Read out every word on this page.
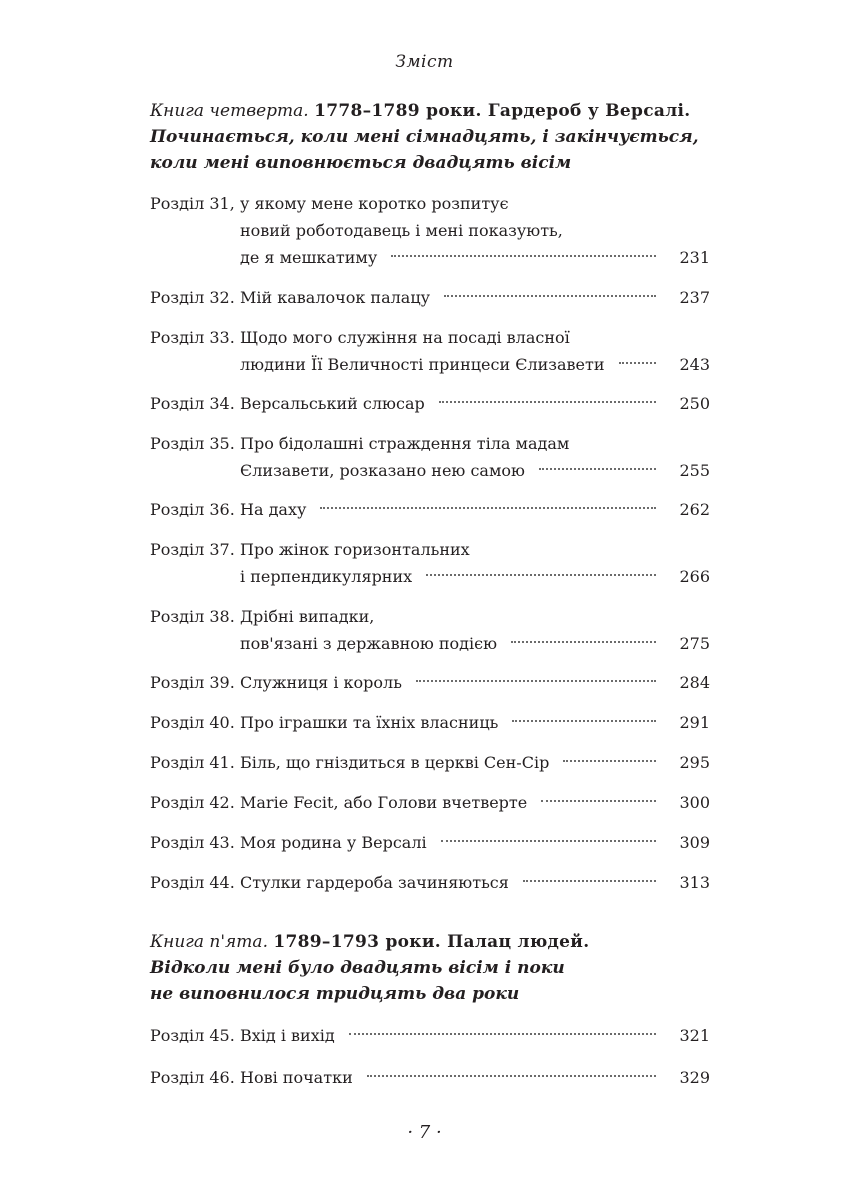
Зміст
Книга четверта. 1778–1789 роки. Гардероб у Версалі.
Починається, коли мені сімнадцять, і закінчується,
коли мені виповнюється двадцять вісім
Розділ 31, у якому мене коротко розпитує
новий роботодавець і мені показують,
де я мешкатиму	231
Розділ 32. Мій кавалочок палацу	237
Розділ 33. Щодо мого служіння на посаді власної
людини Її Величності принцеси Єлизавети	243
Розділ 34. Версальський слюсар	250
Розділ 35. Про бідолашні страждення тіла мадам
Єлизавети, розказано нею самою	255
Розділ 36. На даху	262
Розділ 37. Про жінок горизонтальних
і перпендикулярних	266
Розділ 38. Дрібні випадки,
пов'язані з державною подією	275
Розділ 39. Служниця і король	284
Розділ 40. Про іграшки та їхніх власниць	291
Розділ 41. Біль, що гніздиться в церкві Сен-Сір	295
Розділ 42. Marie Fecit, або Голови вчетверте	300
Розділ 43. Моя родина у Версалі	309
Розділ 44. Стулки гардероба зачиняються	313
Книга п'ята. 1789–1793 роки. Палац людей.
Відколи мені було двадцять вісім і поки
не виповнилося тридцять два роки
Розділ 45. Вхід і вихід	321
Розділ 46. Нові початки	329
· 7 ·
